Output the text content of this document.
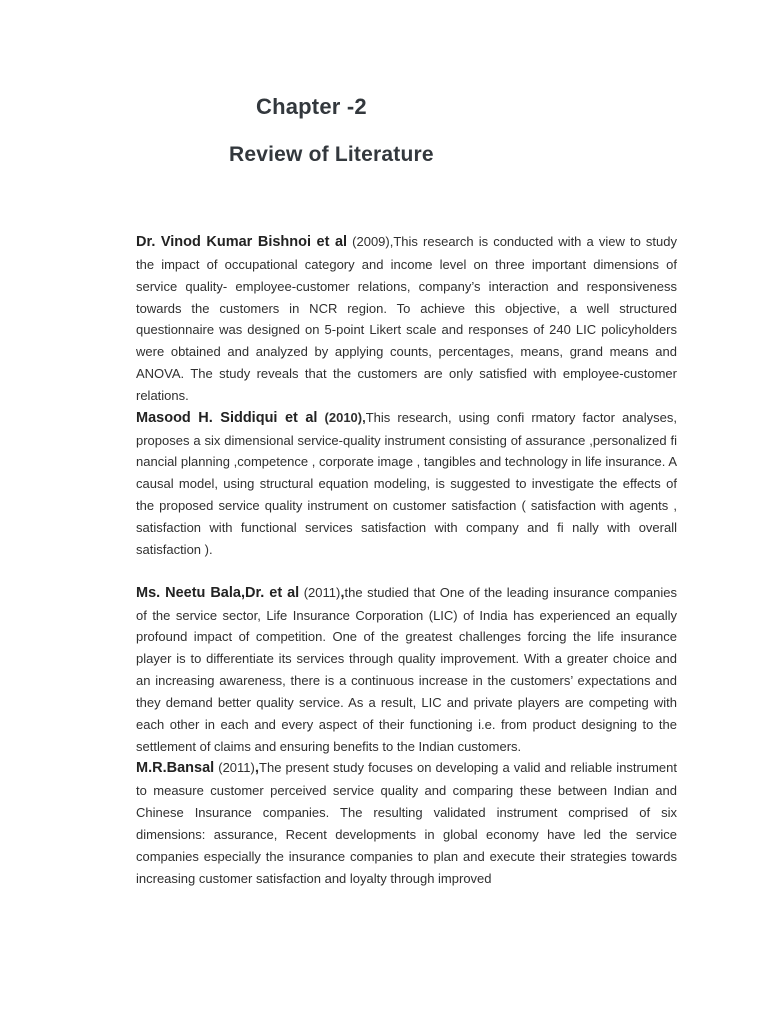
Chapter -2
Review of Literature

Dr. Vinod Kumar Bishnoi et al (2009),This research is conducted with a view to study the impact of occupational category and income level on three important dimensions of service quality- employee-customer relations, company’s interaction and responsiveness towards the customers in NCR region. To achieve this objective, a well structured questionnaire was designed on 5-point Likert scale and responses of 240 LIC policyholders were obtained and analyzed by applying counts, percentages, means, grand means and ANOVA. The study reveals that the customers are only satisfied with employee-customer relations.

Masood H. Siddiqui et al (2010),This research, using confi rmatory factor analyses, proposes a six dimensional service-quality instrument consisting of assurance ,personalized fi nancial planning ,competence , corporate image , tangibles and technology in life insurance. A causal model, using structural equation modeling, is suggested to investigate the effects of the proposed service quality instrument on customer satisfaction ( satisfaction with agents , satisfaction with functional services satisfaction with company and fi nally with overall satisfaction ).

Ms. Neetu Bala,Dr. et al (2011),the studied that One of the leading insurance companies of the service sector, Life Insurance Corporation (LIC) of India has experienced an equally profound impact of competition. One of the greatest challenges forcing the life insurance player is to differentiate its services through quality improvement. With a greater choice and an increasing awareness, there is a continuous increase in the customers’ expectations and they demand better quality service. As a result, LIC and private players are competing with each other in each and every aspect of their functioning i.e. from product designing to the settlement of claims and ensuring benefits to the Indian customers.

M.R.Bansal (2011),The present study focuses on developing a valid and reliable instrument to measure customer perceived service quality and comparing these between Indian and Chinese Insurance companies. The resulting validated instrument comprised of six dimensions: assurance, Recent developments in global economy have led the service companies especially the insurance companies to plan and execute their strategies towards increasing customer satisfaction and loyalty through improved
